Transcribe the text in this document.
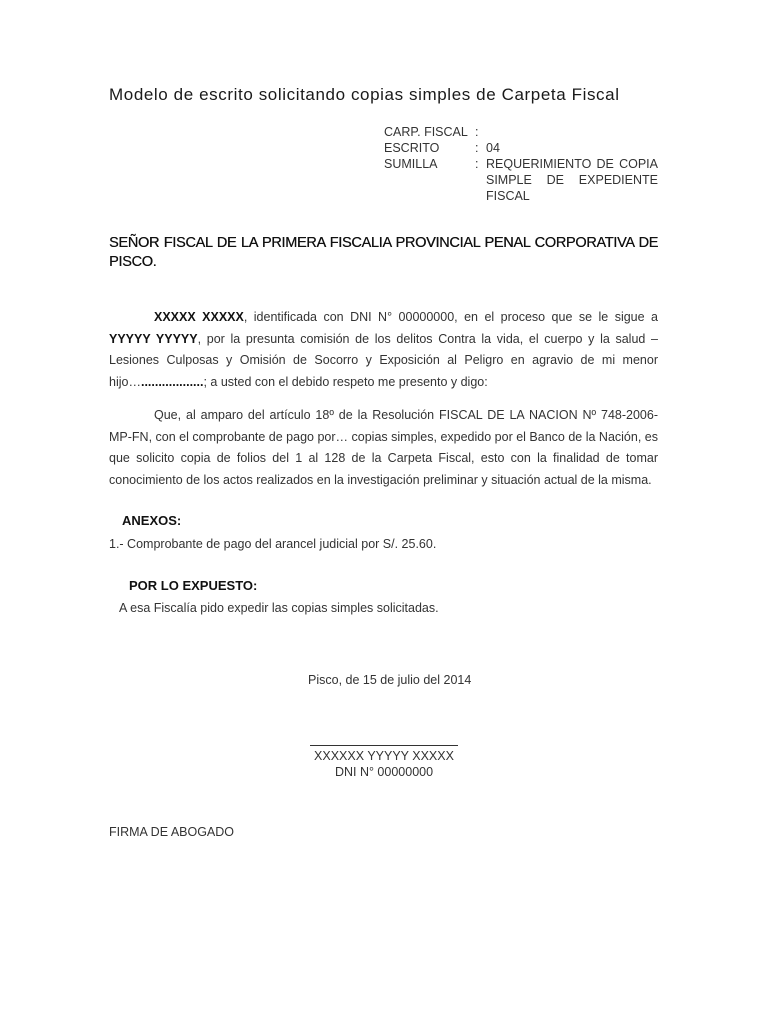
Modelo de escrito solicitando copias simples de Carpeta Fiscal
CARP. FISCAL :
ESCRITO	: 04
SUMILLA	: REQUERIMIENTO DE COPIA SIMPLE DE EXPEDIENTE
FISCAL
SEÑOR FISCAL DE LA PRIMERA FISCALIA PROVINCIAL PENAL CORPORATIVA DE PISCO.
XXXXX XXXXX, identificada con DNI N° 00000000, en el proceso que se le sigue a YYYYY YYYYY, por la presunta comisión de los delitos Contra la vida, el cuerpo y la salud – Lesiones Culposas y Omisión de Socorro y Exposición al Peligro en agravio de mi menor hijo…..................; a usted con el debido respeto me presento y digo:
Que, al amparo del artículo 18º de la Resolución FISCAL DE LA NACION Nº 748-2006-MP-FN, con el comprobante de pago por… copias simples, expedido por el Banco de la Nación, es que solicito copia de folios del 1 al 128 de la Carpeta Fiscal, esto con la finalidad de tomar conocimiento de los actos realizados en la investigación preliminar y situación actual de la misma.
ANEXOS:
1.- Comprobante de pago del arancel judicial por S/. 25.60.
POR LO EXPUESTO:
A esa Fiscalía pido expedir las copias simples solicitadas.
Pisco, de 15 de julio del 2014
XXXXXX YYYYY XXXXX
DNI N° 00000000
FIRMA DE ABOGADO
